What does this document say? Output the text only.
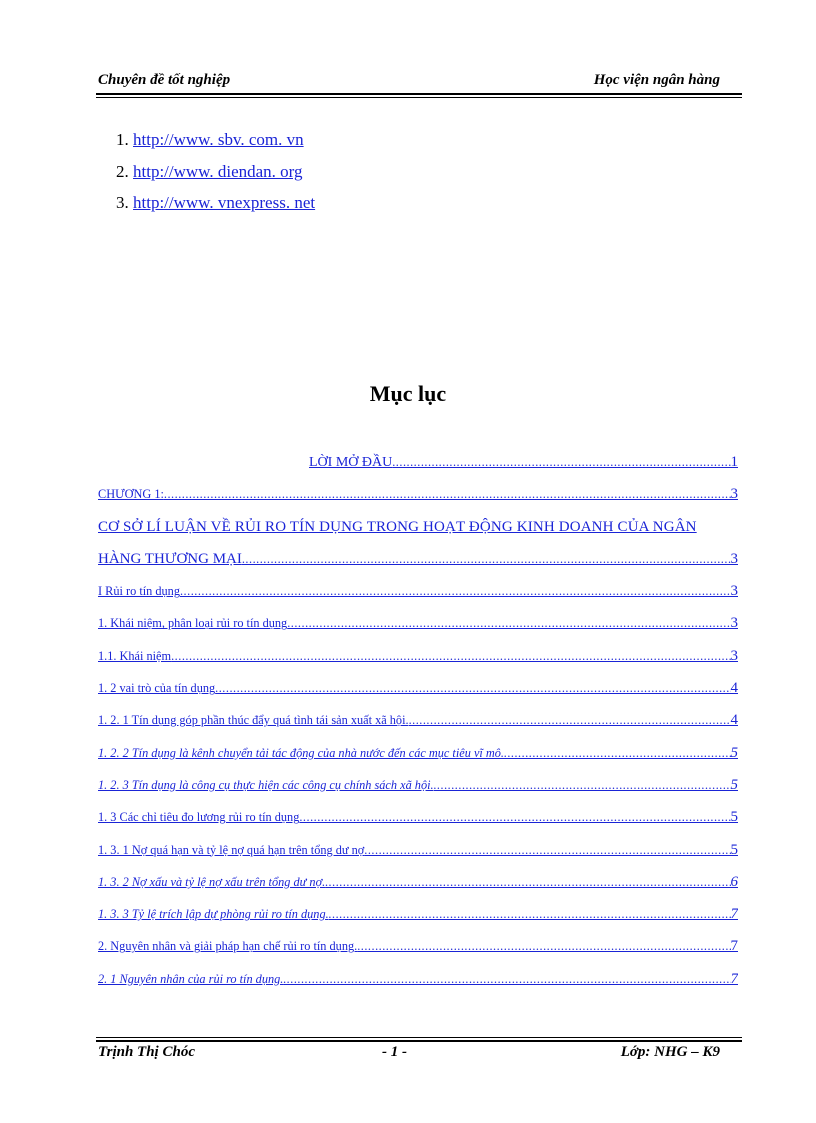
Chuyên đề tốt nghiệp	Học viện ngân hàng
1. http://www. sbv. com. vn
2. http://www. diendan. org
3. http://www. vnexpress. net
Mục lục
LỜI MỞ ĐẦU .....	1
CHƯƠNG 1: .....	3
CƠ SỞ LÍ LUẬN VỀ RỦI RO TÍN DỤNG TRONG HOẠT ĐỘNG KINH DOANH CỦA NGÂN
HÀNG THƯƠNG MẠI .....	3
I Rủi ro tín dụng .....	3
1. Khái niệm, phân loại rủi ro tín dụng .....	3
1.1. Khái niệm .....	3
1. 2 vai trò của tín dụng .....	4
1. 2. 1 Tín dụng góp phần thúc đẩy quá tình tái sản xuất xã hội. .....	4
1. 2. 2 Tín dụng là kênh chuyển tải tác động của nhà nước đến các mục tiêu vĩ mô. .....	5
1. 2. 3 Tín dụng là công cụ thực hiện các công cụ chính sách xã hội. .....	5
1. 3 Các chỉ tiêu đo lương rủi ro tín dụng .....	5
1. 3. 1 Nợ quá hạn và tỷ lệ nợ quá hạn trên tổng dư nợ .....	5
1. 3. 2 Nợ xấu và tỷ lệ nợ xấu trên tổng dư nợ. .....	6
1. 3. 3 Tỷ lệ trích lập dự phòng rủi ro tín dụng. .....	7
2. Nguyên nhân và giải pháp hạn chế rủi ro tín dụng. .....	7
2. 1 Nguyên nhân của rủi ro tín dụng. .....	7
Trịnh Thị Chóc	- 1 -	Lớp: NHG – K9
